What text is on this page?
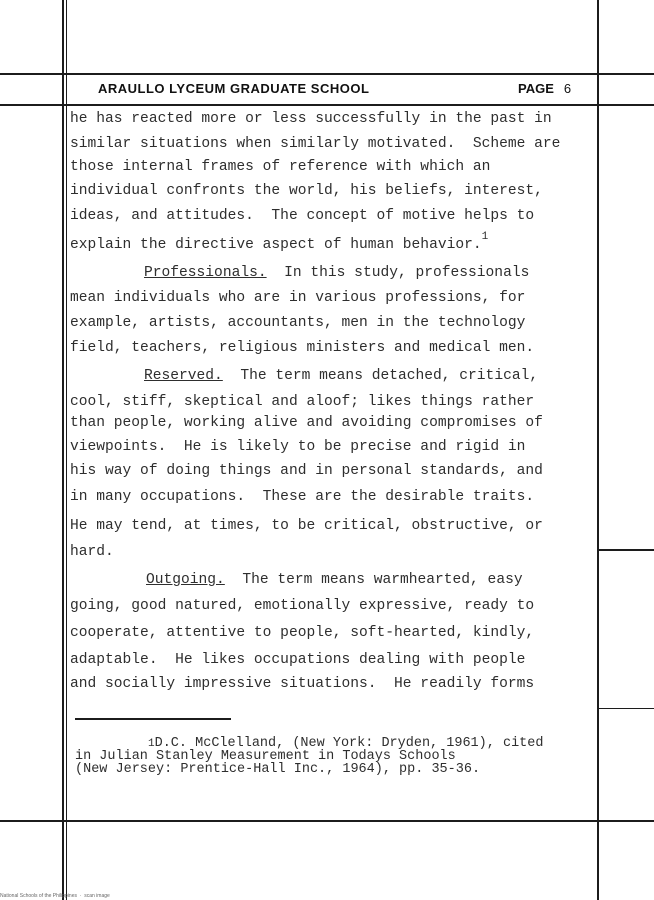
ARAULLO LYCEUM GRADUATE SCHOOL	PAGE 6
he has reacted more or less successfully in the past in
similar situations when similarly motivated.  Scheme are
those internal frames of reference with which an
individual confronts the world, his beliefs, interest,
ideas, and attitudes.  The concept of motive helps to
explain the directive aspect of human behavior.$^1$
Professionals.  In this study, professionals
mean individuals who are in various professions, for
example, artists, accountants, men in the technology
field, teachers, religious ministers and medical men.
Reserved.  The term means detached, critical,
cool, stiff, skeptical and aloof; likes things rather
than people, working alive and avoiding compromises of
viewpoints.  He is likely to be precise and rigid in
his way of doing things and in personal standards, and
in many occupations.  These are the desirable traits.
He may tend, at times, to be critical, obstructive, or
hard.
Outgoing.  The term means warmhearted, easy
going, good natured, emotionally expressive, ready to
cooperate, attentive to people, soft-hearted, kindly,
adaptable.  He likes occupations dealing with people
and socially impressive situations.  He readily forms
1D.C. McClelland, (New York: Dryden, 1961), cited
in Julian Stanley Measurement in Todays Schools
(New Jersey: Prentice-Hall Inc., 1964), pp. 35-36.
National Schools of the Philippines  ·  scan image
